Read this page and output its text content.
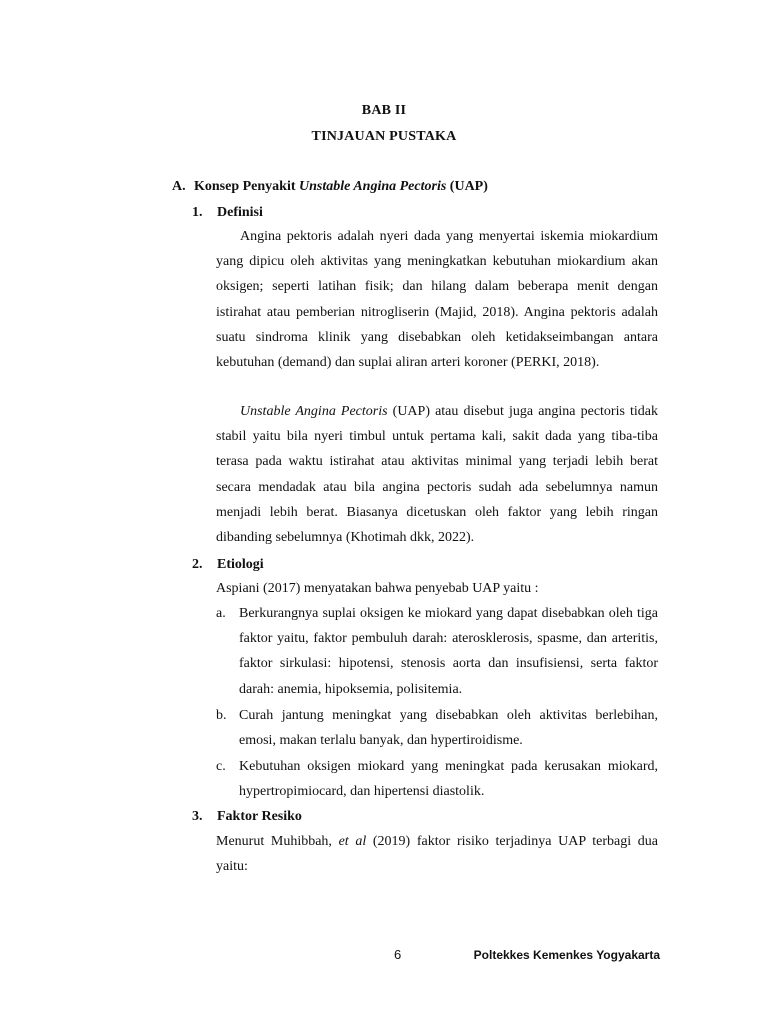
BAB II
TINJAUAN PUSTAKA
A. Konsep Penyakit Unstable Angina Pectoris (UAP)
1. Definisi

Angina pektoris adalah nyeri dada yang menyertai iskemia miokardium yang dipicu oleh aktivitas yang meningkatkan kebutuhan miokardium akan oksigen; seperti latihan fisik; dan hilang dalam beberapa menit dengan istirahat atau pemberian nitrogliserin (Majid, 2018). Angina pektoris adalah suatu sindroma klinik yang disebabkan oleh ketidakseimbangan antara kebutuhan (demand) dan suplai aliran arteri koroner (PERKI, 2018).

Unstable Angina Pectoris (UAP) atau disebut juga angina pectoris tidak stabil yaitu bila nyeri timbul untuk pertama kali, sakit dada yang tiba-tiba terasa pada waktu istirahat atau aktivitas minimal yang terjadi lebih berat secara mendadak atau bila angina pectoris sudah ada sebelumnya namun menjadi lebih berat. Biasanya dicetuskan oleh faktor yang lebih ringan dibanding sebelumnya (Khotimah dkk, 2022).

2. Etiologi
Aspiani (2017) menyatakan bahwa penyebab UAP yaitu :
a. Berkurangnya suplai oksigen ke miokard yang dapat disebabkan oleh tiga faktor yaitu, faktor pembuluh darah: aterosklerosis, spasme, dan arteritis, faktor sirkulasi: hipotensi, stenosis aorta dan insufisiensi, serta faktor darah: anemia, hipoksemia, polisitemia.

b. Curah jantung meningkat yang disebabkan oleh aktivitas berlebihan, emosi, makan terlalu banyak, dan hypertiroidisme.

c. Kebutuhan oksigen miokard yang meningkat pada kerusakan miokard, hypertropimiocard, dan hipertensi diastolik.

3. Faktor Resiko

Menurut Muhibbah, et al (2019) faktor risiko terjadinya UAP terbagi dua yaitu:

6	Poltekkes Kemenkes Yogyakarta
